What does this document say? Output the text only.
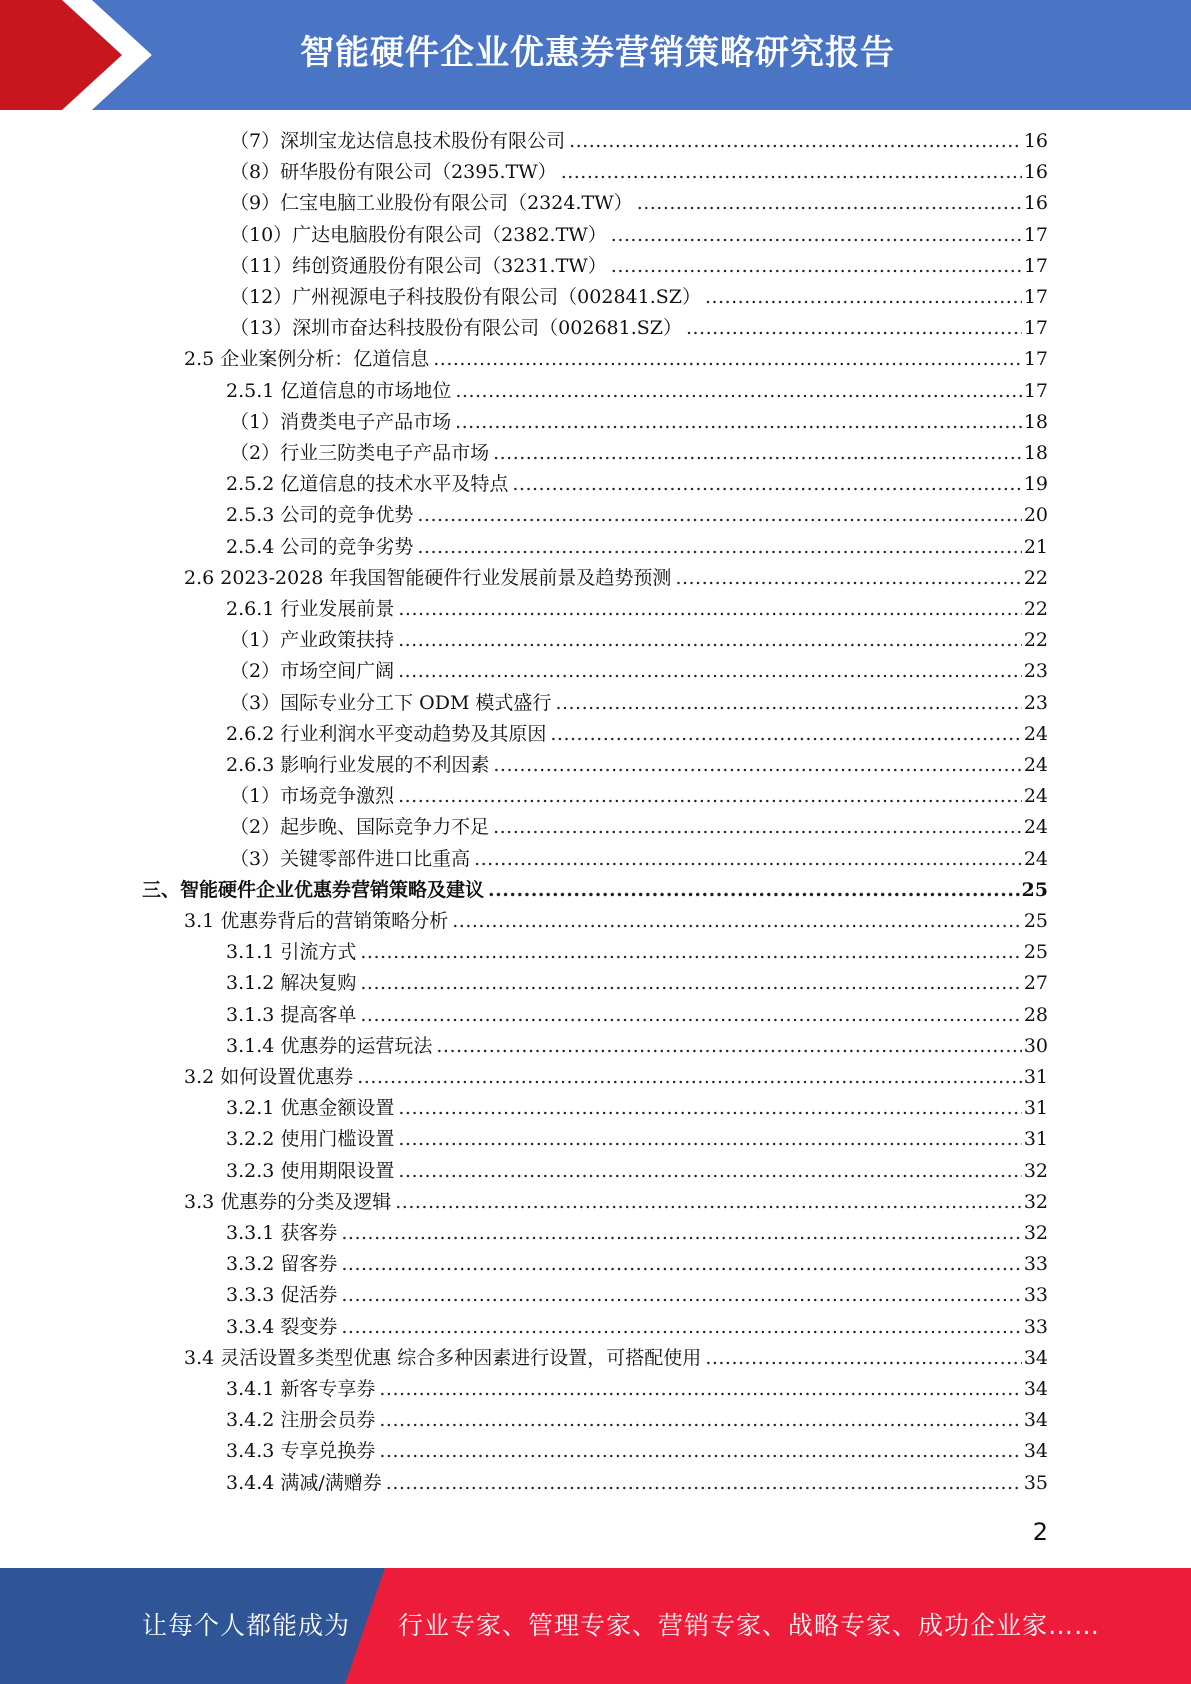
智能硬件企业优惠券营销策略研究报告
（7）深圳宝龙达信息技术股份有限公司 .....	16
（8）研华股份有限公司（2395.TW） .....	16
（9）仁宝电脑工业股份有限公司（2324.TW） .....	16
（10）广达电脑股份有限公司（2382.TW） .....	17
（11）纬创资通股份有限公司（3231.TW） .....	17
（12）广州视源电子科技股份有限公司（002841.SZ） .....	17
（13）深圳市奋达科技股份有限公司（002681.SZ） .....	17
2.5 企业案例分析：亿道信息 .....	17
2.5.1 亿道信息的市场地位 .....	17
（1）消费类电子产品市场 .....	18
（2）行业三防类电子产品市场 .....	18
2.5.2 亿道信息的技术水平及特点 .....	19
2.5.3 公司的竞争优势 .....	20
2.5.4 公司的竞争劣势 .....	21
2.6 2023-2028 年我国智能硬件行业发展前景及趋势预测 .....	22
2.6.1 行业发展前景 .....	22
（1）产业政策扶持 .....	22
（2）市场空间广阔 .....	23
（3）国际专业分工下 ODM 模式盛行 .....	23
2.6.2 行业利润水平变动趋势及其原因 .....	24
2.6.3 影响行业发展的不利因素 .....	24
（1）市场竞争激烈 .....	24
（2）起步晚、国际竞争力不足 .....	24
（3）关键零部件进口比重高 .....	24
三、智能硬件企业优惠券营销策略及建议 .....	25
3.1 优惠券背后的营销策略分析 .....	25
3.1.1 引流方式 .....	25
3.1.2 解决复购 .....	27
3.1.3 提高客单 .....	28
3.1.4 优惠券的运营玩法 .....	30
3.2 如何设置优惠券 .....	31
3.2.1 优惠金额设置 .....	31
3.2.2 使用门槛设置 .....	31
3.2.3 使用期限设置 .....	32
3.3 优惠券的分类及逻辑 .....	32
3.3.1 获客券 .....	32
3.3.2 留客券 .....	33
3.3.3 促活券 .....	33
3.3.4 裂变券 .....	33
3.4 灵活设置多类型优惠 综合多种因素进行设置，可搭配使用 .....	34
3.4.1 新客专享券 .....	34
3.4.2 注册会员券 .....	34
3.4.3 专享兑换券 .....	34
3.4.4 满减/满赠券 .....	35
2
让每个人都能成为 行业专家、管理专家、营销专家、战略专家、成功企业家……
